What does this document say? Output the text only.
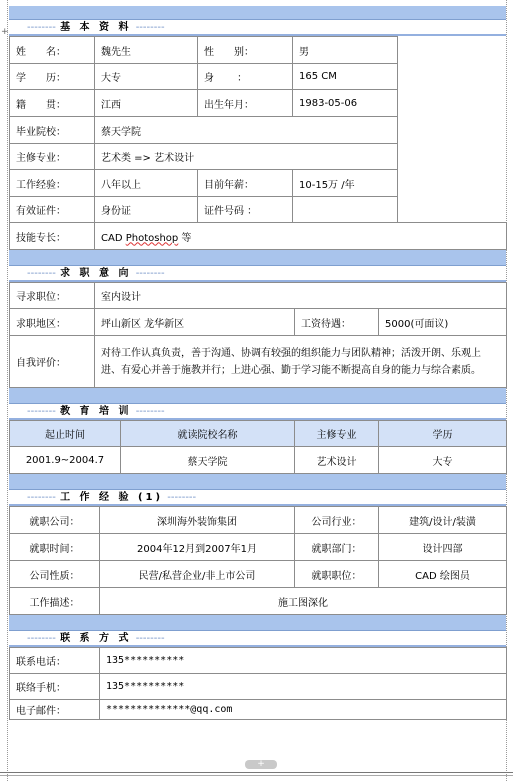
+	-------- 基 本 资 料 --------
姓　　名：	魏先生	性　　别：	男	
学　　历：	大专	身　　 ：	165 CM	
籍　　贯：	江西	出生年月：	1983-05-06	
毕业院校：	蔡天学院			
主修专业：	艺术类 => 艺术设计			
工作经验：	八年以上	目前年薪：	10-15万 /年	
有效证件：	身份证	证件号码 ：		
技能专长：	CAD Photoshop 等			
-------- 求 职 意 向 --------
寻求职位：	室内设计		
求职地区：	坪山新区 龙华新区	工资待遇：	5000(可面议)
自我评价：	对待工作认真负责，善于沟通、协调有较强的组织能力与团队精神；活泼开朗、乐观上进、有爱心并善于施教并行；上进心强、勤于学习能不断提高自身的能力与综合素质。		
-------- 教 育 培 训 --------
起止时间	就读院校名称	主修专业	学历
2001.9~2004.7	蔡天学院	艺术设计	大专
-------- 工 作 经 验 (1) --------
就职公司：	深圳海外装饰集团	公司行业：	建筑/设计/装潢
就职时间：	2004年12月到2007年1月	就职部门：	设计四部
公司性质：	民营/私营企业/非上市公司	就职职位：	CAD 绘图员
工作描述：	施工图深化		
-------- 联 系 方 式 --------
联系电话：	135**********
联络手机：	135**********
电子邮件：	**************@qq.com
+
